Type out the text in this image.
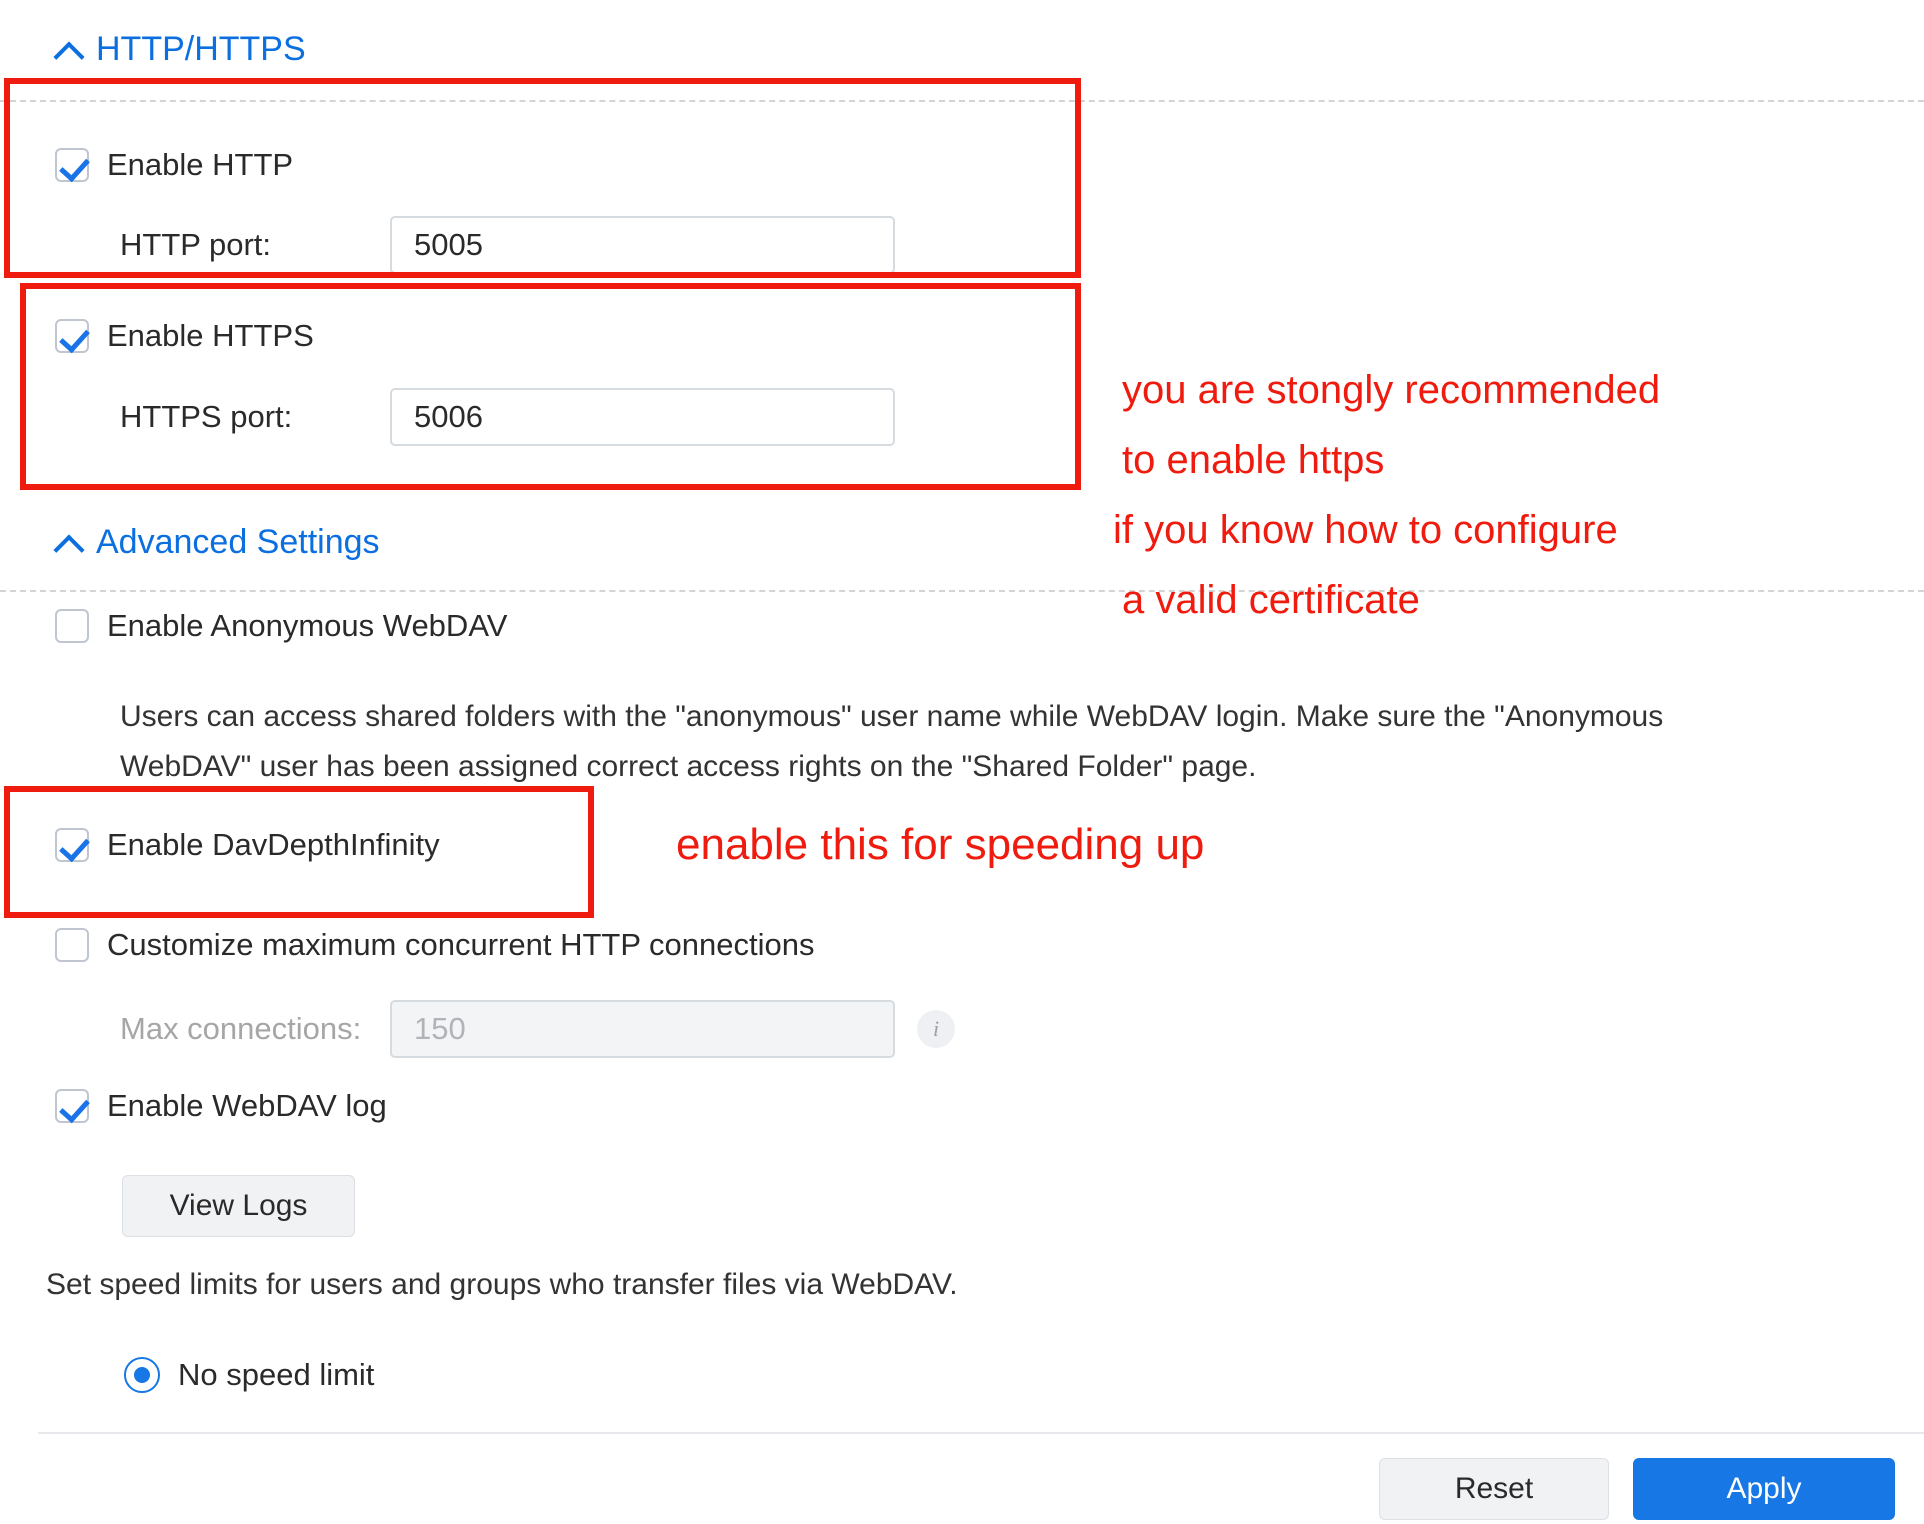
HTTP/HTTPS
Enable HTTP
HTTP port:	5005
Enable HTTPS
HTTPS port:	5006
Advanced Settings
Enable Anonymous WebDAV
Users can access shared folders with the "anonymous" user name while WebDAV login. Make sure the "Anonymous WebDAV" user has been assigned correct access rights on the "Shared Folder" page.
Enable DavDepthInfinity
Customize maximum concurrent HTTP connections
Max connections:	150	i
Enable WebDAV log
View Logs
Set speed limits for users and groups who transfer files via WebDAV.
No speed limit
Reset	Apply
you are stongly recommended
to enable https
if you know how to configure
a valid certificate
enable this for speeding up
